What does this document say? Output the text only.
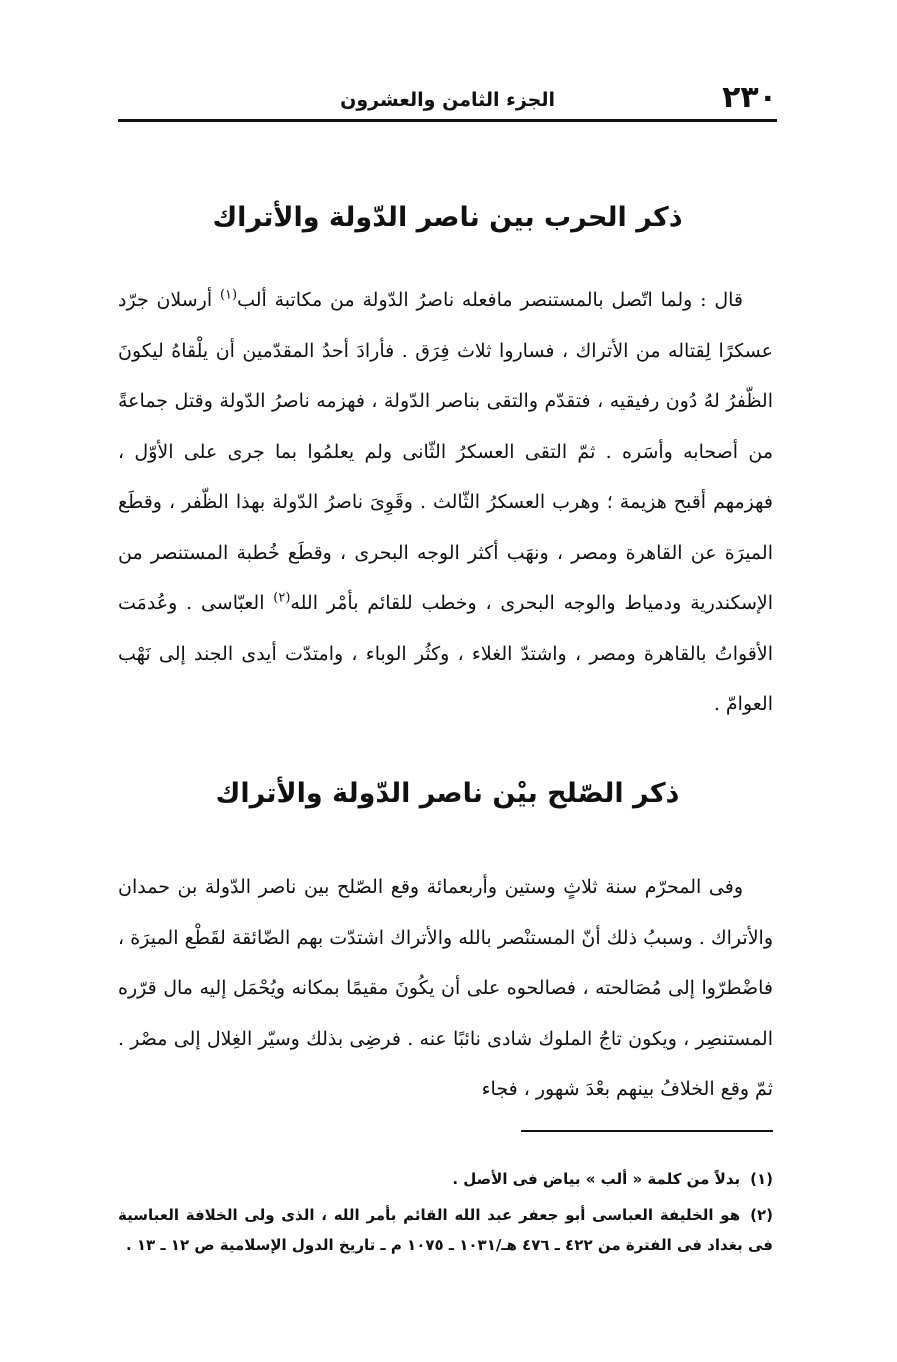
٢٣٠
الجزء الثامن والعشرون
ذكر الحرب بين ناصر الدّولة والأتراك

قال : ولما اتّصل بالمستنصر مافعله ناصرُ الدّولة من مكاتبة ألب$^{(١)}$ أرسلان جرّد عسكرًا لِقتاله من الأتراك ، فساروا ثلاث فِرَق . فأرادَ أحدُ المقدّمين أن يلْقاهُ ليكونَ الظّفرُ لهُ دُون رفيقيه ، فتقدّم والتقى بناصر الدّولة ، فهزمه ناصرُ الدّولة وقتل جماعةً من أصحابه وأسَره . ثمّ التقى العسكرُ الثّانى ولم يعلمُوا بما جرى على الأوّل ، فهزمهم أقبح هزيمة ؛ وهرب العسكرُ الثّالث . وقَوِىَ ناصرُ الدّولة بهذا الظّفر ، وقطَع الميرَة عن القاهرة ومصر ، ونهَب أكثر الوجه البحرى ، وقطَع خُطبة المستنصر من الإسكندرية ودمياط والوجه البحرى ، وخطب للقائم بأمْر الله$^{(٢)}$ العبّاسى . وعُدمَت الأقواتُ بالقاهرة ومصر ، واشتدّ الغلاء ، وكثُر الوباء ، وامتدّت أيدى الجند إلى نَهْب العوامّ .

ذكر الصّلح بيْن ناصر الدّولة والأتراك

وفى المحرّم سنة ثلاثٍ وستين وأربعمائة وقع الصّلح بين ناصر الدّولة بن حمدان والأتراك . وسببُ ذلك أنّ المستنْصر بالله والأتراك اشتدّت بهم الضّائقة لقَطْع الميرَة ، فاضْطرّوا إلى مُصَالحته ، فصالحوه على أن يكُونَ مقيمًا بمكانه ويُحْمَل إليه مال قرّره المستنصِر ، ويكون تاجُ الملوك شادى نائبًا عنه . فرضِى بذلك وسيّر الغِلال إلى مصْر . ثمّ وقع الخلافُ بينهم بعْدَ شهور ، فجاء

(١)بدلاً من كلمة « ألب » بياض فى الأصل .

(٢)هو الخليفة العباسى أبو جعفر عبد الله القائم بأمر الله ، الذى ولى الخلافة العباسية فى بغداد فى الفترة من ٤٢٢ ـ ٤٧٦ هـ/١٠٣١ ـ ١٠٧٥ م ـ تاريخ الدول الإسلامية ص ١٢ ـ ١٣ .
